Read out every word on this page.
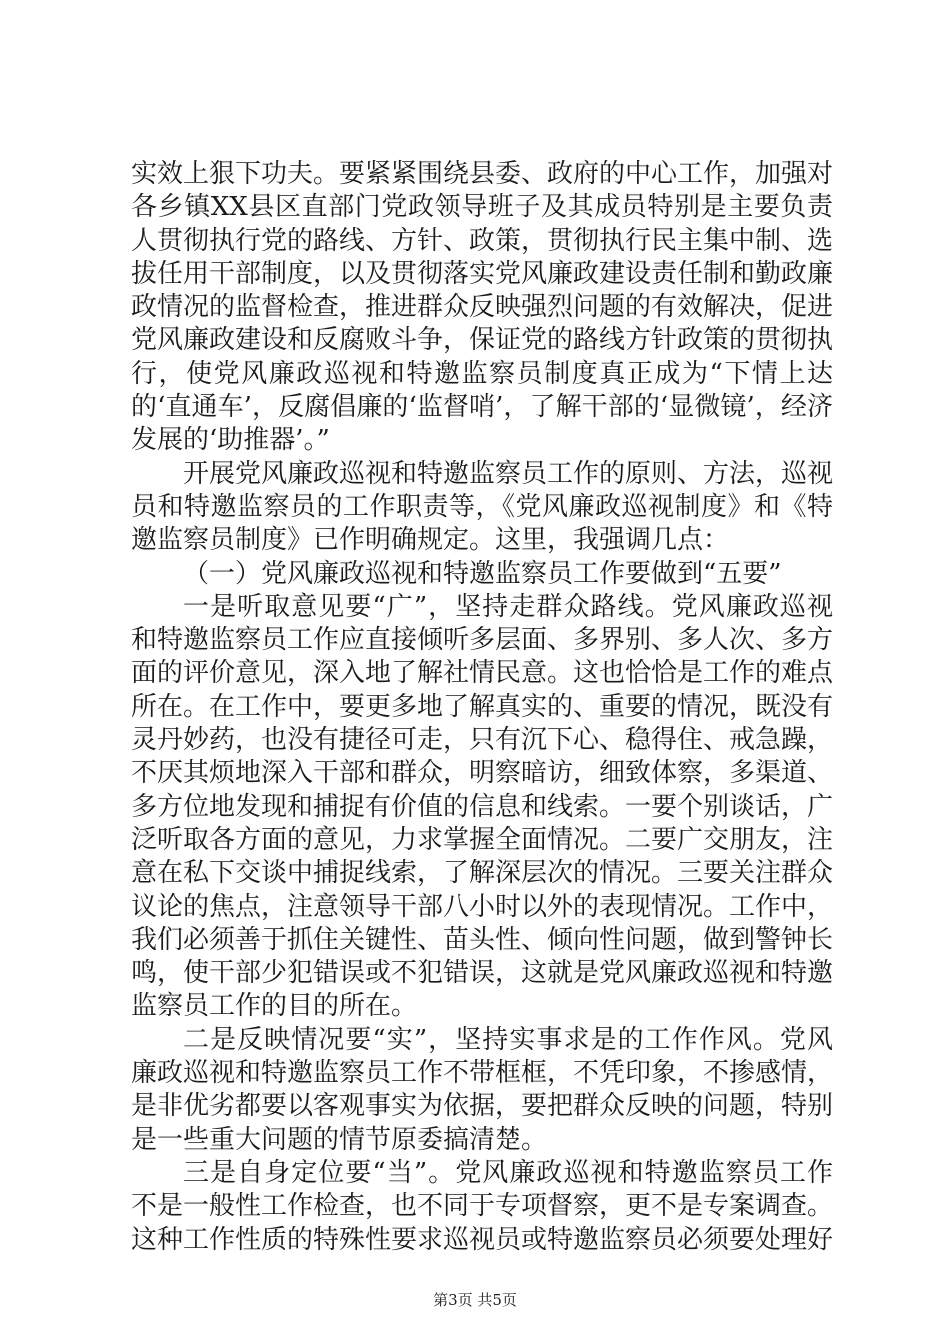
实效上狠下功夫。要紧紧围绕县委、政府的中心工作，加强对各乡镇XX县区直部门党政领导班子及其成员特别是主要负责人贯彻执行党的路线、方针、政策，贯彻执行民主集中制、选拔任用干部制度，以及贯彻落实党风廉政建设责任制和勤政廉政情况的监督检查，推进群众反映强烈问题的有效解决，促进党风廉政建设和反腐败斗争，保证党的路线方针政策的贯彻执行，使党风廉政巡视和特邀监察员制度真正成为“下情上达的‘直通车’，反腐倡廉的‘监督哨’，了解干部的‘显微镜’，经济发展的‘助推器’。”

开展党风廉政巡视和特邀监察员工作的原则、方法，巡视员和特邀监察员的工作职责等，《党风廉政巡视制度》和《特邀监察员制度》已作明确规定。这里，我强调几点：

（一）党风廉政巡视和特邀监察员工作要做到“五要”

一是听取意见要“广”，坚持走群众路线。党风廉政巡视和特邀监察员工作应直接倾听多层面、多界别、多人次、多方面的评价意见，深入地了解社情民意。这也恰恰是工作的难点所在。在工作中，要更多地了解真实的、重要的情况，既没有灵丹妙药，也没有捷径可走，只有沉下心、稳得住、戒急躁，不厌其烦地深入干部和群众，明察暗访，细致体察，多渠道、多方位地发现和捕捉有价值的信息和线索。一要个别谈话，广泛听取各方面的意见，力求掌握全面情况。二要广交朋友，注意在私下交谈中捕捉线索，了解深层次的情况。三要关注群众议论的焦点，注意领导干部八小时以外的表现情况。工作中，我们必须善于抓住关键性、苗头性、倾向性问题，做到警钟长鸣，使干部少犯错误或不犯错误，这就是党风廉政巡视和特邀监察员工作的目的所在。

二是反映情况要“实”，坚持实事求是的工作作风。党风廉政巡视和特邀监察员工作不带框框，不凭印象，不掺感情，是非优劣都要以客观事实为依据，要把群众反映的问题，特别是一些重大问题的情节原委搞清楚。

三是自身定位要“当”。党风廉政巡视和特邀监察员工作不是一般性工作检查，也不同于专项督察，更不是专案调查。这种工作性质的特殊性要求巡视员或特邀监察员必须要处理好

第3页 共5页
